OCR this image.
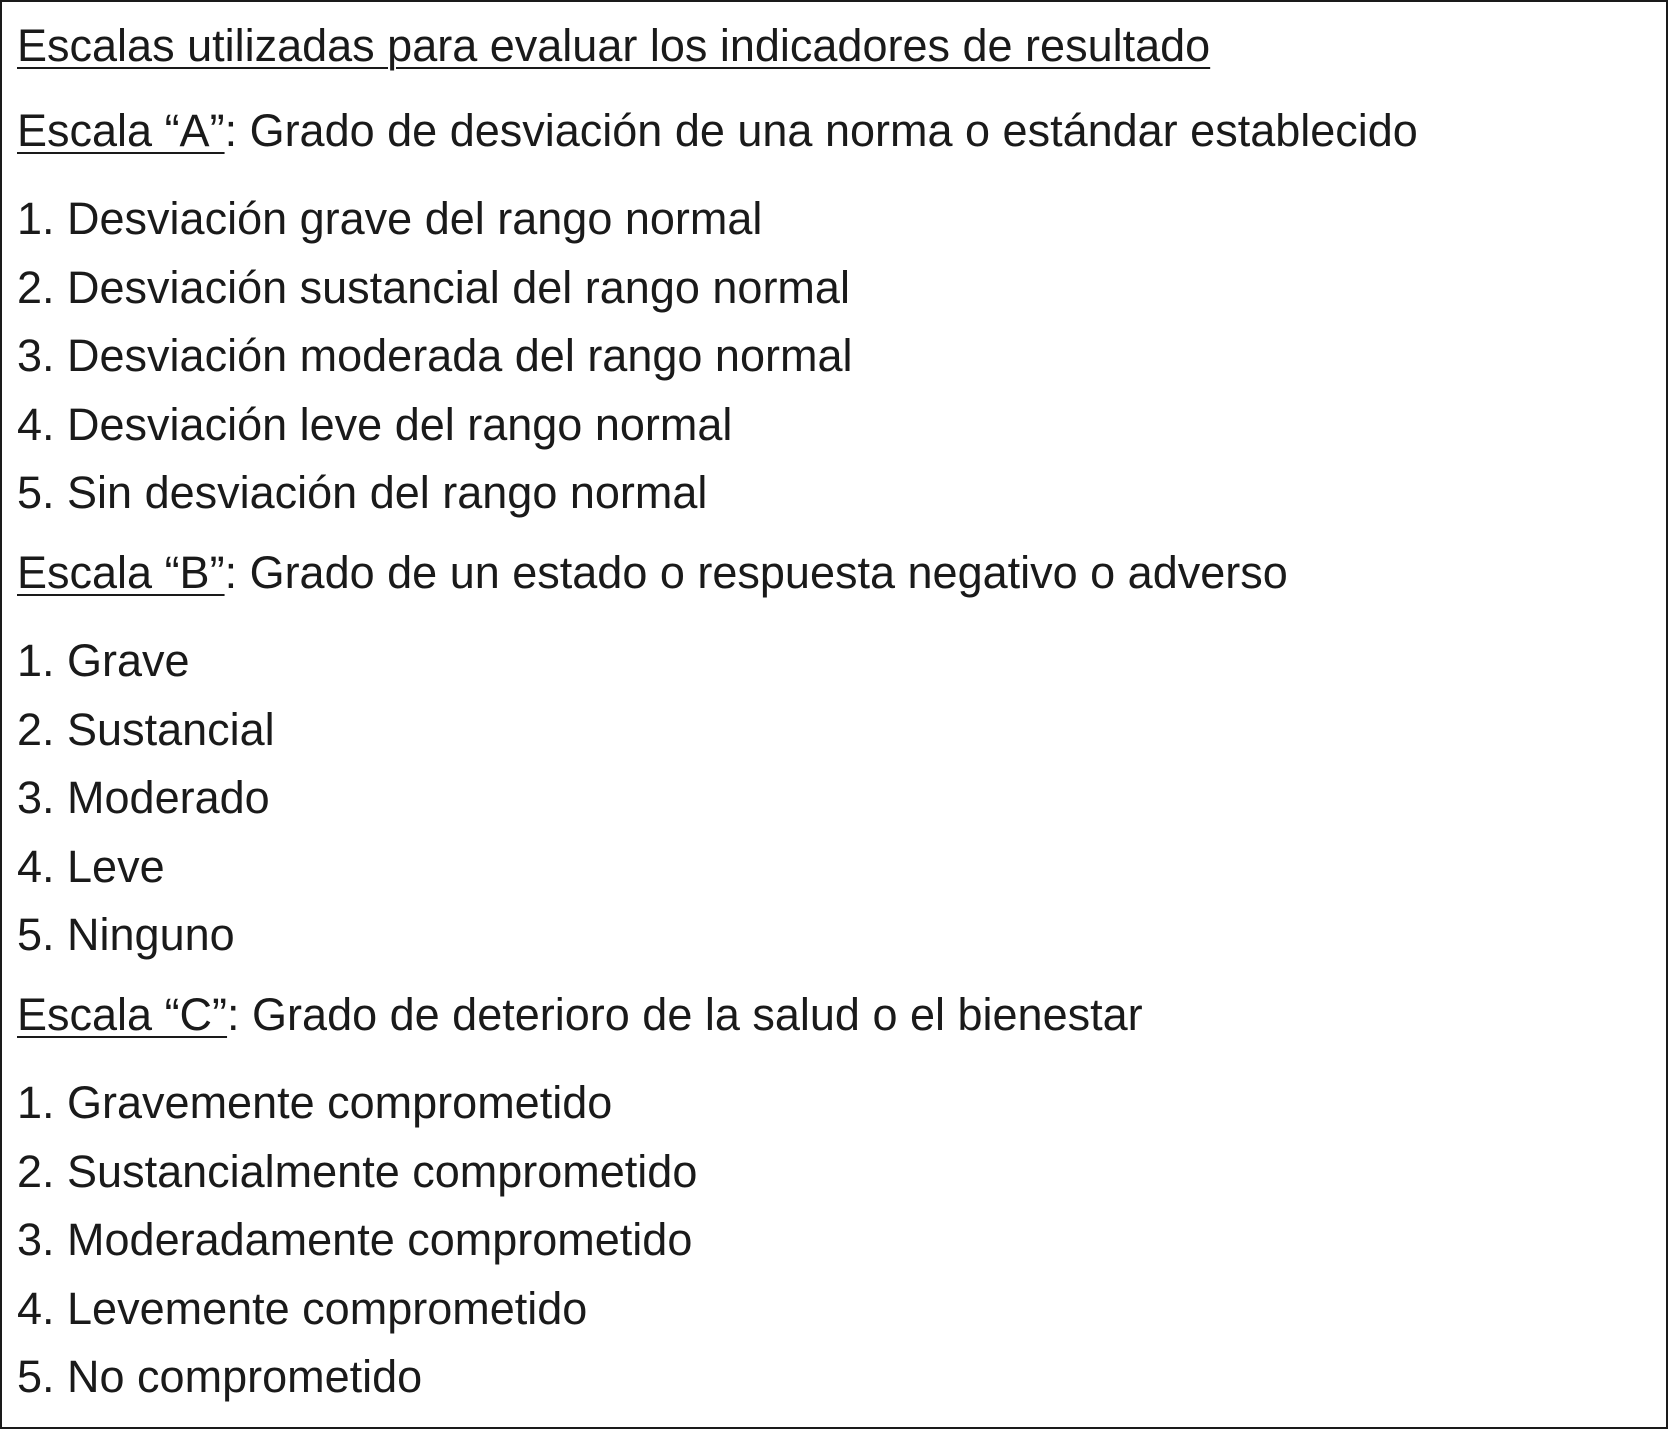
Escalas utilizadas para evaluar los indicadores de resultado
Escala “A”: Grado de desviación de una norma o estándar establecido
1. Desviación grave del rango normal
2. Desviación sustancial del rango normal
3. Desviación moderada del rango normal
4. Desviación leve del rango normal
5. Sin desviación del rango normal
Escala “B”: Grado de un estado o respuesta negativo o adverso
1. Grave
2. Sustancial
3. Moderado
4. Leve
5. Ninguno
Escala “C”: Grado de deterioro de la salud o el bienestar
1. Gravemente comprometido
2. Sustancialmente comprometido
3. Moderadamente comprometido
4. Levemente comprometido
5. No comprometido
